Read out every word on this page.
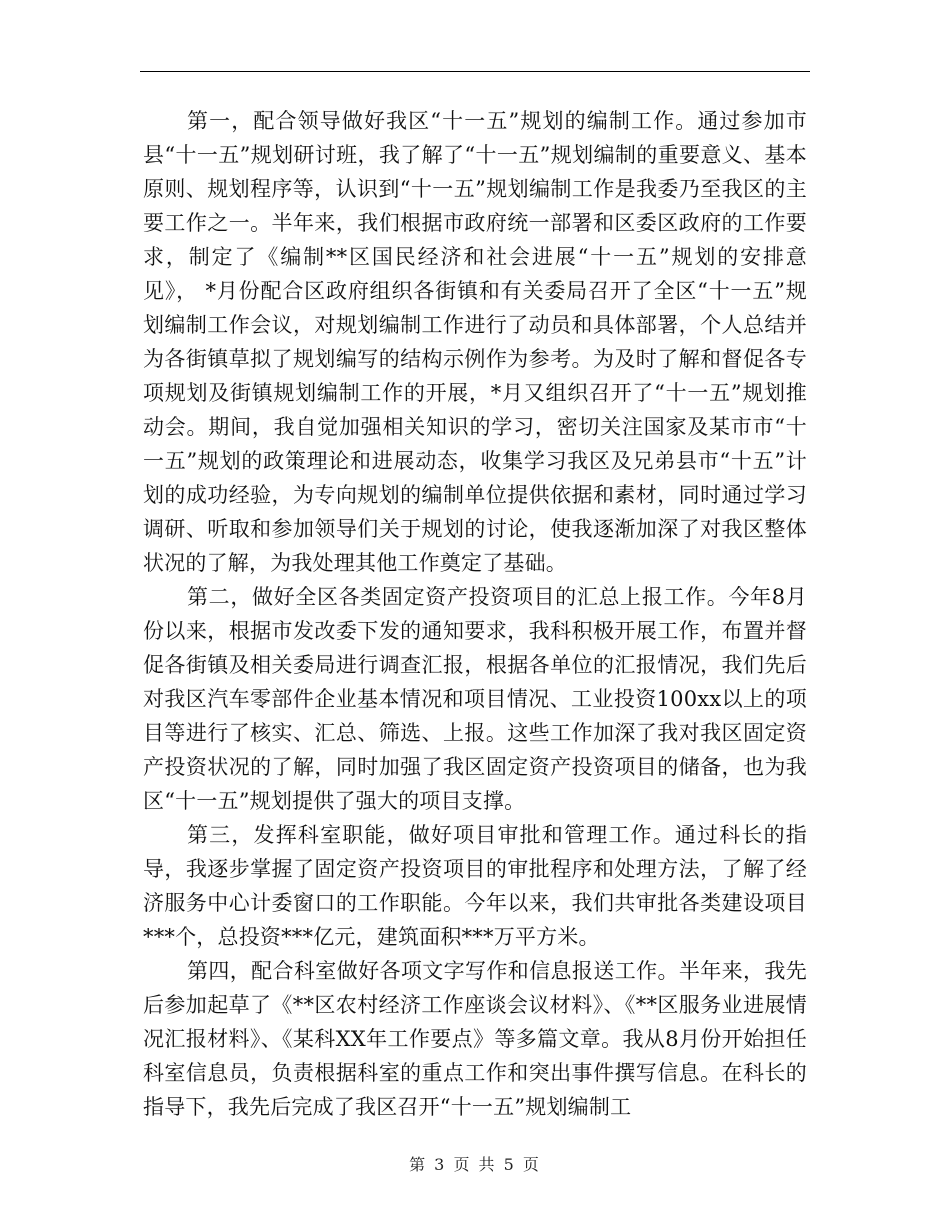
第一，配合领导做好我区“十一五”规划的编制工作。通过参加市县“十一五”规划研讨班，我了解了“十一五”规划编制的重要意义、基本原则、规划程序等，认识到“十一五”规划编制工作是我委乃至我区的主要工作之一。半年来，我们根据市政府统一部署和区委区政府的工作要求，制定了《编制**区国民经济和社会进展“十一五”规划的安排意见》， *月份配合区政府组织各街镇和有关委局召开了全区“十一五”规划编制工作会议，对规划编制工作进行了动员和具体部署，个人总结并为各街镇草拟了规划编写的结构示例作为参考。为及时了解和督促各专项规划及街镇规划编制工作的开展，*月又组织召开了“十一五”规划推动会。期间，我自觉加强相关知识的学习，密切关注国家及某市市“十一五”规划的政策理论和进展动态，收集学习我区及兄弟县市“十五”计划的成功经验，为专向规划的编制单位提供依据和素材，同时通过学习调研、听取和参加领导们关于规划的讨论，使我逐渐加深了对我区整体状况的了解，为我处理其他工作奠定了基础。

第二，做好全区各类固定资产投资项目的汇总上报工作。今年8月份以来，根据市发改委下发的通知要求，我科积极开展工作，布置并督促各街镇及相关委局进行调查汇报，根据各单位的汇报情况，我们先后对我区汽车零部件企业基本情况和项目情况、工业投资100xx以上的项目等进行了核实、汇总、筛选、上报。这些工作加深了我对我区固定资产投资状况的了解，同时加强了我区固定资产投资项目的储备，也为我区“十一五”规划提供了强大的项目支撑。

第三，发挥科室职能，做好项目审批和管理工作。通过科长的指导，我逐步掌握了固定资产投资项目的审批程序和处理方法，了解了经济服务中心计委窗口的工作职能。今年以来，我们共审批各类建设项目***个，总投资***亿元，建筑面积***万平方米。

第四，配合科室做好各项文字写作和信息报送工作。半年来，我先后参加起草了《**区农村经济工作座谈会议材料》、《**区服务业进展情况汇报材料》、《某科XX年工作要点》等多篇文章。我从8月份开始担任科室信息员，负责根据科室的重点工作和突出事件撰写信息。在科长的指导下，我先后完成了我区召开“十一五”规划编制工

第 3 页 共 5 页
